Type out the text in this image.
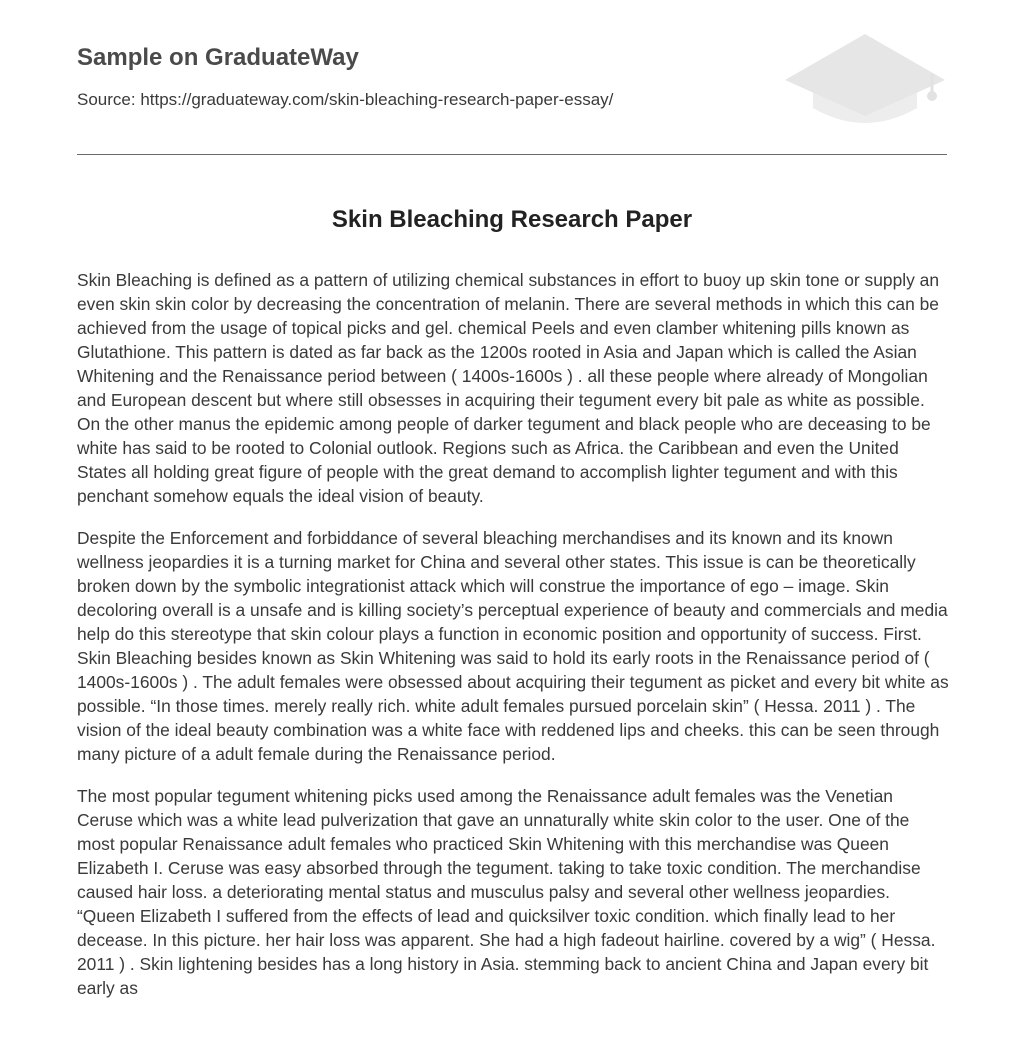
Sample on GraduateWay
Source: https://graduateway.com/skin-bleaching-research-paper-essay/
Skin Bleaching Research Paper

Skin Bleaching is defined as a pattern of utilizing chemical substances in effort to buoy up skin tone or supply an even skin skin color by decreasing the concentration of melanin. There are several methods in which this can be achieved from the usage of topical picks and gel. chemical Peels and even clamber whitening pills known as Glutathione. This pattern is dated as far back as the 1200s rooted in Asia and Japan which is called the Asian Whitening and the Renaissance period between ( 1400s-1600s ) . all these people where already of Mongolian and European descent but where still obsesses in acquiring their tegument every bit pale as white as possible. On the other manus the epidemic among people of darker tegument and black people who are deceasing to be white has said to be rooted to Colonial outlook. Regions such as Africa. the Caribbean and even the United States all holding great figure of people with the great demand to accomplish lighter tegument and with this penchant somehow equals the ideal vision of beauty.

Despite the Enforcement and forbiddance of several bleaching merchandises and its known and its known wellness jeopardies it is a turning market for China and several other states. This issue is can be theoretically broken down by the symbolic integrationist attack which will construe the importance of ego – image. Skin decoloring overall is a unsafe and is killing society’s perceptual experience of beauty and commercials and media help do this stereotype that skin colour plays a function in economic position and opportunity of success. First. Skin Bleaching besides known as Skin Whitening was said to hold its early roots in the Renaissance period of ( 1400s-1600s ) . The adult females were obsessed about acquiring their tegument as picket and every bit white as possible. “In those times. merely really rich. white adult females pursued porcelain skin” ( Hessa. 2011 ) . The vision of the ideal beauty combination was a white face with reddened lips and cheeks. this can be seen through many picture of a adult female during the Renaissance period.

The most popular tegument whitening picks used among the Renaissance adult females was the Venetian Ceruse which was a white lead pulverization that gave an unnaturally white skin color to the user. One of the most popular Renaissance adult females who practiced Skin Whitening with this merchandise was Queen Elizabeth I. Ceruse was easy absorbed through the tegument. taking to take toxic condition. The merchandise caused hair loss. a deteriorating mental status and musculus palsy and several other wellness jeopardies. “Queen Elizabeth I suffered from the effects of lead and quicksilver toxic condition. which finally lead to her decease. In this picture. her hair loss was apparent. She had a high fadeout hairline. covered by a wig” ( Hessa. 2011 ) . Skin lightening besides has a long history in Asia. stemming back to ancient China and Japan every bit early as
